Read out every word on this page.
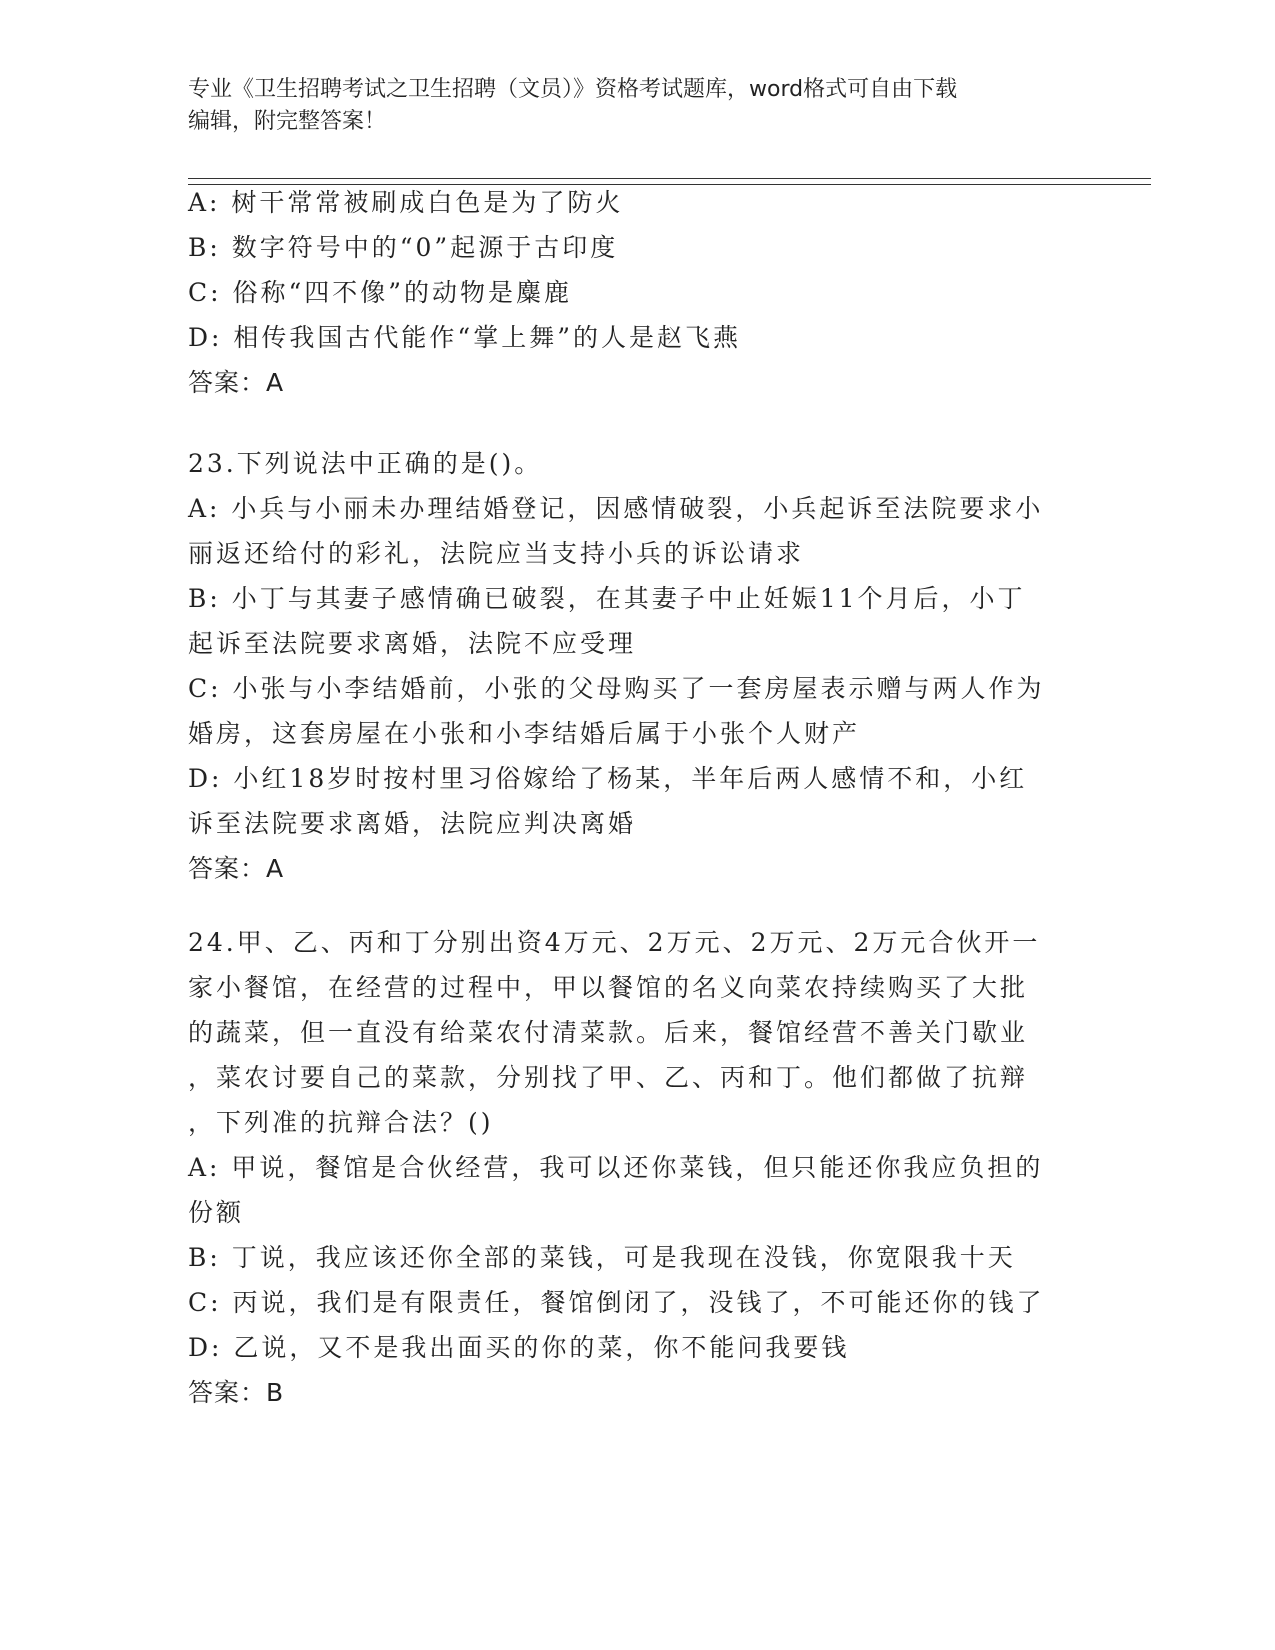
专业《卫生招聘考试之卫生招聘（文员）》资格考试题库，word格式可自由下载
编辑，附完整答案！
A: 树干常常被刷成白色是为了防火
B: 数字符号中的“0”起源于古印度
C: 俗称“四不像”的动物是麋鹿
D: 相传我国古代能作“掌上舞”的人是赵飞燕
答案：A
23.下列说法中正确的是()。
A: 小兵与小丽未办理结婚登记，因感情破裂，小兵起诉至法院要求小
丽返还给付的彩礼，法院应当支持小兵的诉讼请求
B: 小丁与其妻子感情确已破裂，在其妻子中止妊娠11个月后，小丁
起诉至法院要求离婚，法院不应受理
C: 小张与小李结婚前，小张的父母购买了一套房屋表示赠与两人作为
婚房，这套房屋在小张和小李结婚后属于小张个人财产
D: 小红18岁时按村里习俗嫁给了杨某，半年后两人感情不和，小红
诉至法院要求离婚，法院应判决离婚
答案：A
24.甲、乙、丙和丁分别出资4万元、2万元、2万元、2万元合伙开一
家小餐馆，在经营的过程中，甲以餐馆的名义向菜农持续购买了大批
的蔬菜，但一直没有给菜农付清菜款。后来，餐馆经营不善关门歇业
，菜农讨要自己的菜款，分别找了甲、乙、丙和丁。他们都做了抗辩
，下列准的抗辩合法？()
A: 甲说，餐馆是合伙经营，我可以还你菜钱，但只能还你我应负担的
份额
B: 丁说，我应该还你全部的菜钱，可是我现在没钱，你宽限我十天
C: 丙说，我们是有限责任，餐馆倒闭了，没钱了，不可能还你的钱了
D: 乙说，又不是我出面买的你的菜，你不能问我要钱
答案：B
